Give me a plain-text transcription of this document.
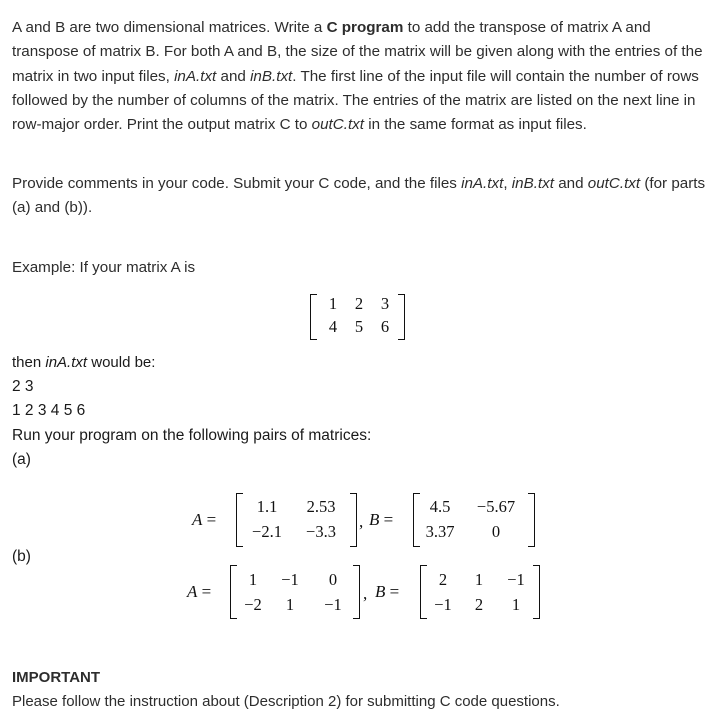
A and B are two dimensional matrices. Write a C program to add the transpose of matrix A and transpose of matrix B. For both A and B, the size of the matrix will be given along with the entries of the matrix in two input files, inA.txt and inB.txt. The first line of the input file will contain the number of rows followed by the number of columns of the matrix. The entries of the matrix are listed on the next line in row-major order. Print the output matrix C to outC.txt in the same format as input files.

Provide comments in your code. Submit your C code, and the files inA.txt, inB.txt and outC.txt (for parts (a) and (b)).

Example: If your matrix A is

1	2	3
4	5	6
then inA.txt would be:
2 3
1 2 3 4 5 6
Run your program on the following pairs of matrices:
(a)
A =
1.1	2.53
−2.1	−3.3	, B =
4.5	−5.67
3.37	0
(b)
A =
1	−1	0
−2	1	−1
, B =
2	1	−1
−1	2	1

IMPORTANT

Please follow the instruction about (Description 2) for submitting C code questions.
